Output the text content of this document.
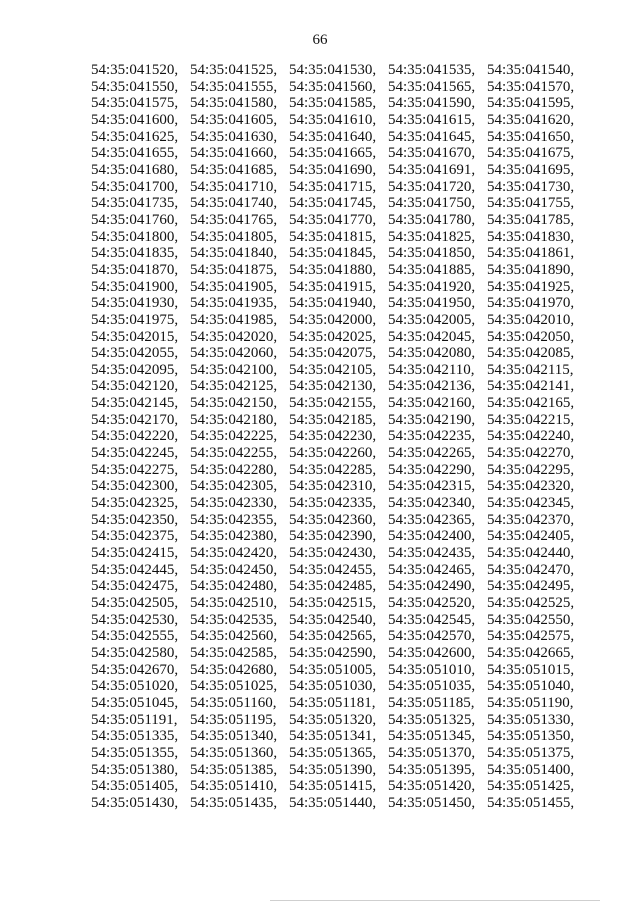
66
54:35:041520, 54:35:041525, 54:35:041530, 54:35:041535, 54:35:041540,
54:35:041550, 54:35:041555, 54:35:041560, 54:35:041565, 54:35:041570,
54:35:041575, 54:35:041580, 54:35:041585, 54:35:041590, 54:35:041595,
54:35:041600, 54:35:041605, 54:35:041610, 54:35:041615, 54:35:041620,
54:35:041625, 54:35:041630, 54:35:041640, 54:35:041645, 54:35:041650,
54:35:041655, 54:35:041660, 54:35:041665, 54:35:041670, 54:35:041675,
54:35:041680, 54:35:041685, 54:35:041690, 54:35:041691, 54:35:041695,
54:35:041700, 54:35:041710, 54:35:041715, 54:35:041720, 54:35:041730,
54:35:041735, 54:35:041740, 54:35:041745, 54:35:041750, 54:35:041755,
54:35:041760, 54:35:041765, 54:35:041770, 54:35:041780, 54:35:041785,
54:35:041800, 54:35:041805, 54:35:041815, 54:35:041825, 54:35:041830,
54:35:041835, 54:35:041840, 54:35:041845, 54:35:041850, 54:35:041861,
54:35:041870, 54:35:041875, 54:35:041880, 54:35:041885, 54:35:041890,
54:35:041900, 54:35:041905, 54:35:041915, 54:35:041920, 54:35:041925,
54:35:041930, 54:35:041935, 54:35:041940, 54:35:041950, 54:35:041970,
54:35:041975, 54:35:041985, 54:35:042000, 54:35:042005, 54:35:042010,
54:35:042015, 54:35:042020, 54:35:042025, 54:35:042045, 54:35:042050,
54:35:042055, 54:35:042060, 54:35:042075, 54:35:042080, 54:35:042085,
54:35:042095, 54:35:042100, 54:35:042105, 54:35:042110, 54:35:042115,
54:35:042120, 54:35:042125, 54:35:042130, 54:35:042136, 54:35:042141,
54:35:042145, 54:35:042150, 54:35:042155, 54:35:042160, 54:35:042165,
54:35:042170, 54:35:042180, 54:35:042185, 54:35:042190, 54:35:042215,
54:35:042220, 54:35:042225, 54:35:042230, 54:35:042235, 54:35:042240,
54:35:042245, 54:35:042255, 54:35:042260, 54:35:042265, 54:35:042270,
54:35:042275, 54:35:042280, 54:35:042285, 54:35:042290, 54:35:042295,
54:35:042300, 54:35:042305, 54:35:042310, 54:35:042315, 54:35:042320,
54:35:042325, 54:35:042330, 54:35:042335, 54:35:042340, 54:35:042345,
54:35:042350, 54:35:042355, 54:35:042360, 54:35:042365, 54:35:042370,
54:35:042375, 54:35:042380, 54:35:042390, 54:35:042400, 54:35:042405,
54:35:042415, 54:35:042420, 54:35:042430, 54:35:042435, 54:35:042440,
54:35:042445, 54:35:042450, 54:35:042455, 54:35:042465, 54:35:042470,
54:35:042475, 54:35:042480, 54:35:042485, 54:35:042490, 54:35:042495,
54:35:042505, 54:35:042510, 54:35:042515, 54:35:042520, 54:35:042525,
54:35:042530, 54:35:042535, 54:35:042540, 54:35:042545, 54:35:042550,
54:35:042555, 54:35:042560, 54:35:042565, 54:35:042570, 54:35:042575,
54:35:042580, 54:35:042585, 54:35:042590, 54:35:042600, 54:35:042665,
54:35:042670, 54:35:042680, 54:35:051005, 54:35:051010, 54:35:051015,
54:35:051020, 54:35:051025, 54:35:051030, 54:35:051035, 54:35:051040,
54:35:051045, 54:35:051160, 54:35:051181, 54:35:051185, 54:35:051190,
54:35:051191, 54:35:051195, 54:35:051320, 54:35:051325, 54:35:051330,
54:35:051335, 54:35:051340, 54:35:051341, 54:35:051345, 54:35:051350,
54:35:051355, 54:35:051360, 54:35:051365, 54:35:051370, 54:35:051375,
54:35:051380, 54:35:051385, 54:35:051390, 54:35:051395, 54:35:051400,
54:35:051405, 54:35:051410, 54:35:051415, 54:35:051420, 54:35:051425,
54:35:051430, 54:35:051435, 54:35:051440, 54:35:051450, 54:35:051455,
